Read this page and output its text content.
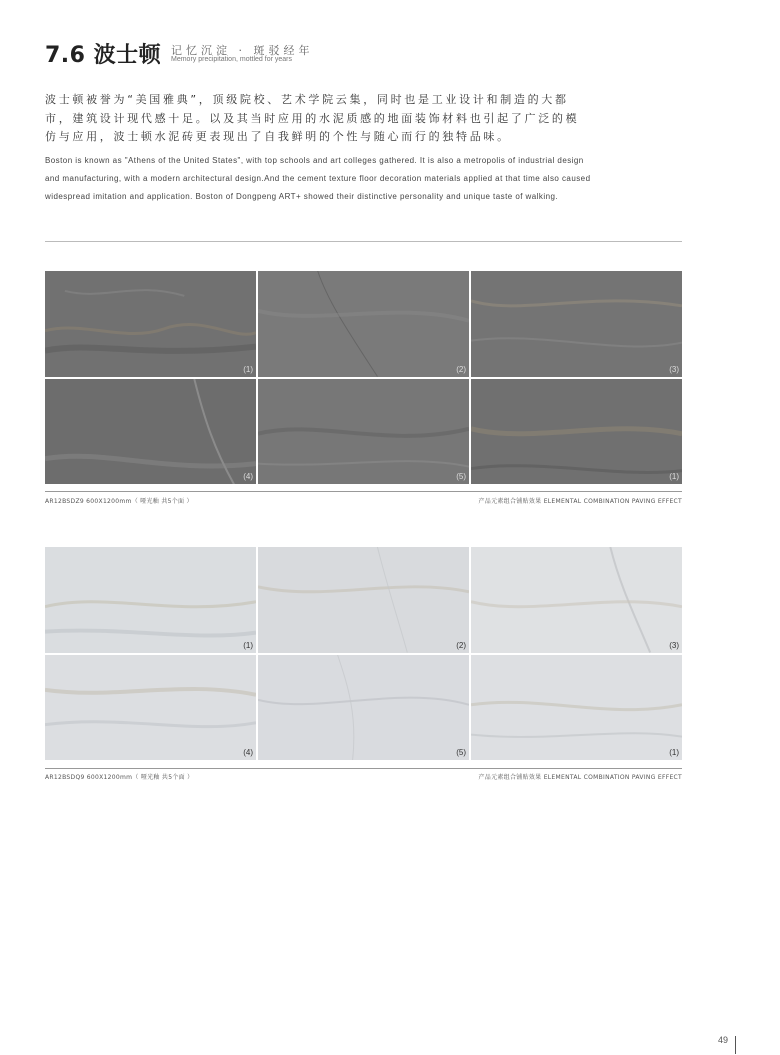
7.6 波士顿 记忆沉淀 · 斑驳经年
Memory precipitation, mottled for years
波士顿被誉为“美国雅典”，顶级院校、艺术学院云集，同时也是工业设计和制造的大都市，建筑设计现代感十足。以及其当时应用的水泥质感的地面装饰材料也引起了广泛的模仿与应用，波士顿水泥砖更表现出了自我鲜明的个性与随心而行的独特品味。
Boston is known as "Athens of the United States", with top schools and art colleges gathered. It is also a metropolis of industrial design and manufacturing, with a modern architectural design.And the cement texture floor decoration materials applied at that time also caused widespread imitation and application. Boston of Dongpeng ART+ showed their distinctive personality and unique taste of walking.
(1)	(2)	(3)
(4)	(5)	(1)
AR12BSDZ9 600X1200mm（ 哑光釉 共5个面 ）	产品元素组合铺贴效果 ELEMENTAL COMBINATION PAVING EFFECT
(1)	(2)	(3)
(4)	(5)	(1)
AR12BSDQ9 600X1200mm（ 哑光釉 共5个面 ）	产品元素组合铺贴效果 ELEMENTAL COMBINATION PAVING EFFECT
49
